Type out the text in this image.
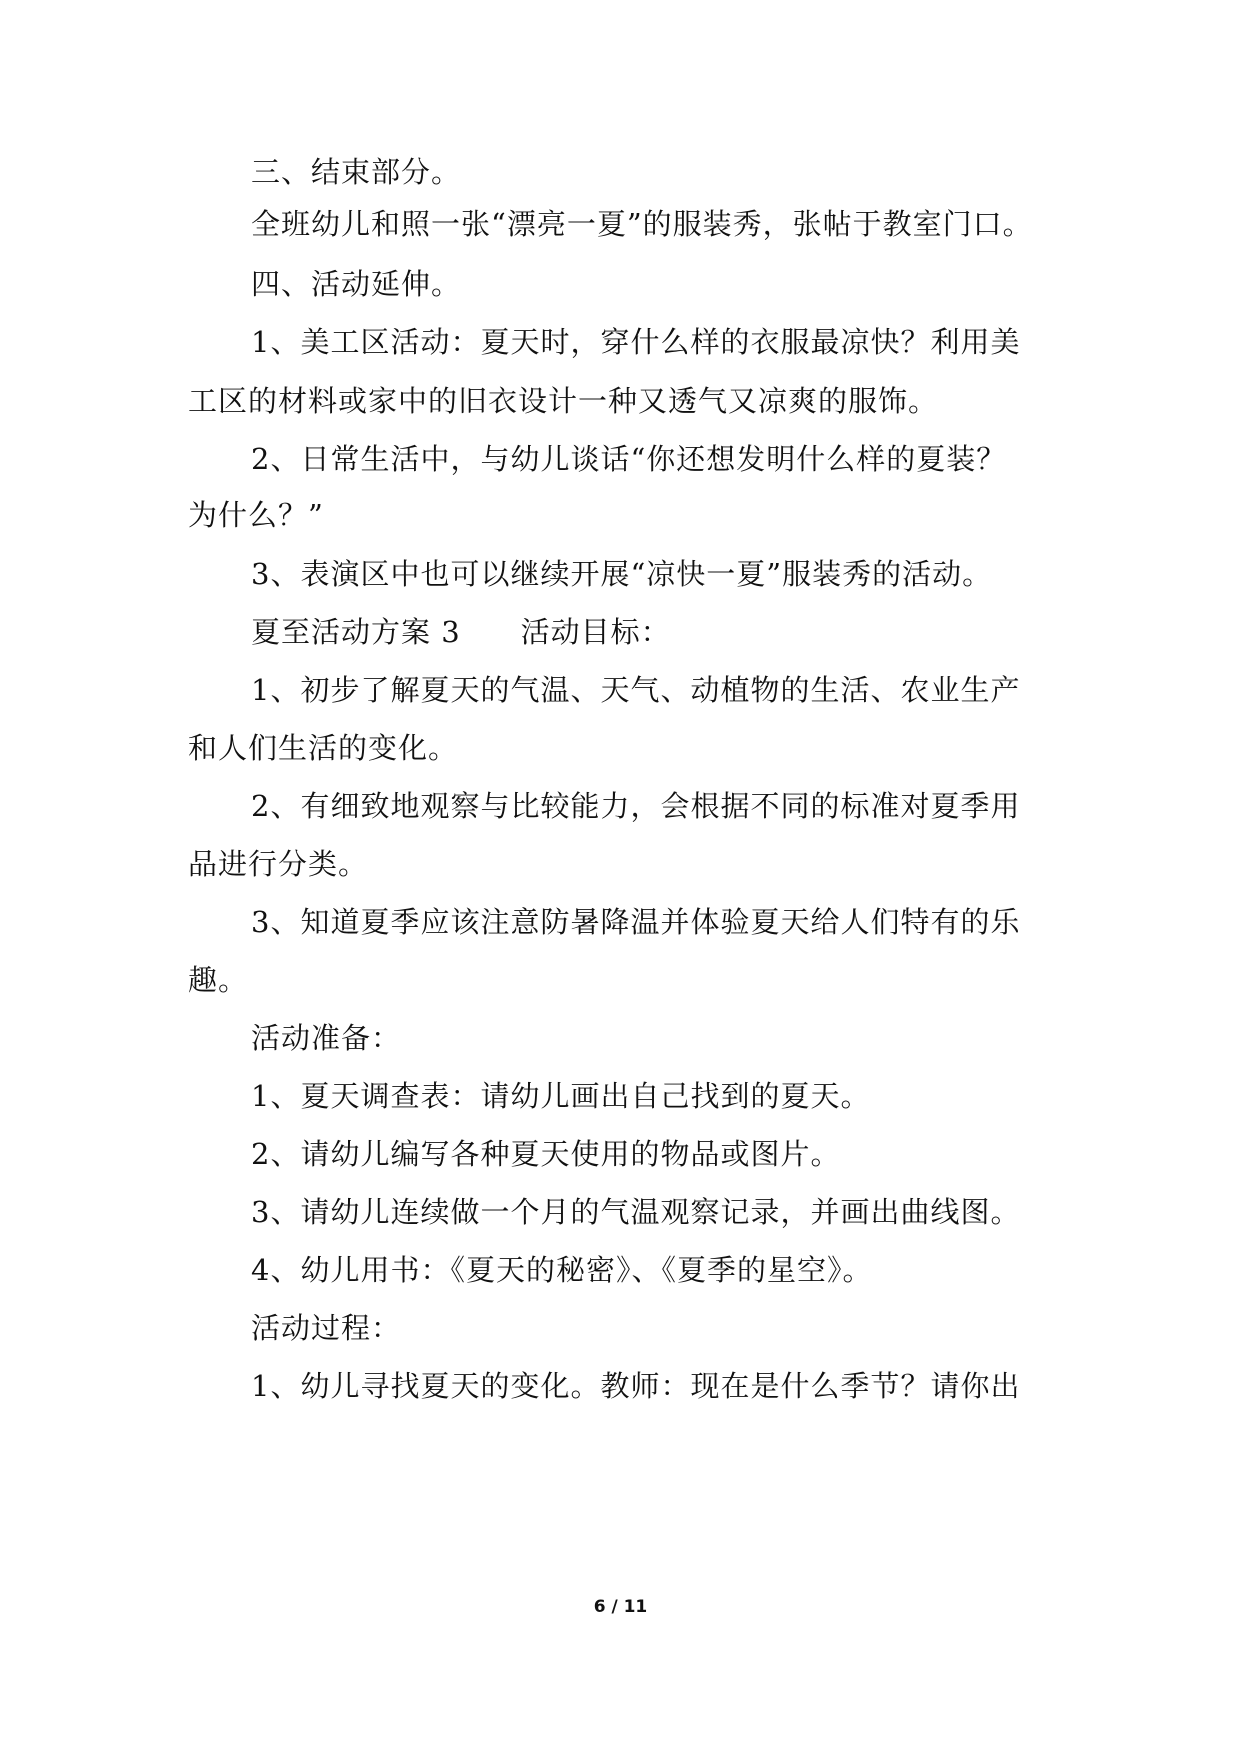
三、结束部分。
全班幼儿和照一张“漂亮一夏”的服装秀，张帖于教室门口。
四、活动延伸。
1、美工区活动：夏天时，穿什么样的衣服最凉快？利用美
工区的材料或家中的旧衣设计一种又透气又凉爽的服饰。
2、日常生活中，与幼儿谈话“你还想发明什么样的夏装？
为什么？”
3、表演区中也可以继续开展“凉快一夏”服装秀的活动。
夏至活动方案 3 活动目标：
1、初步了解夏天的气温、天气、动植物的生活、农业生产
和人们生活的变化。
2、有细致地观察与比较能力，会根据不同的标准对夏季用
品进行分类。
3、知道夏季应该注意防暑降温并体验夏天给人们特有的乐
趣。
活动准备：
1、夏天调查表：请幼儿画出自己找到的夏天。
2、请幼儿编写各种夏天使用的物品或图片。
3、请幼儿连续做一个月的气温观察记录，并画出曲线图。
4、幼儿用书：《夏天的秘密》、《夏季的星空》。
活动过程：
1、幼儿寻找夏天的变化。教师：现在是什么季节？请你出
6 / 11
